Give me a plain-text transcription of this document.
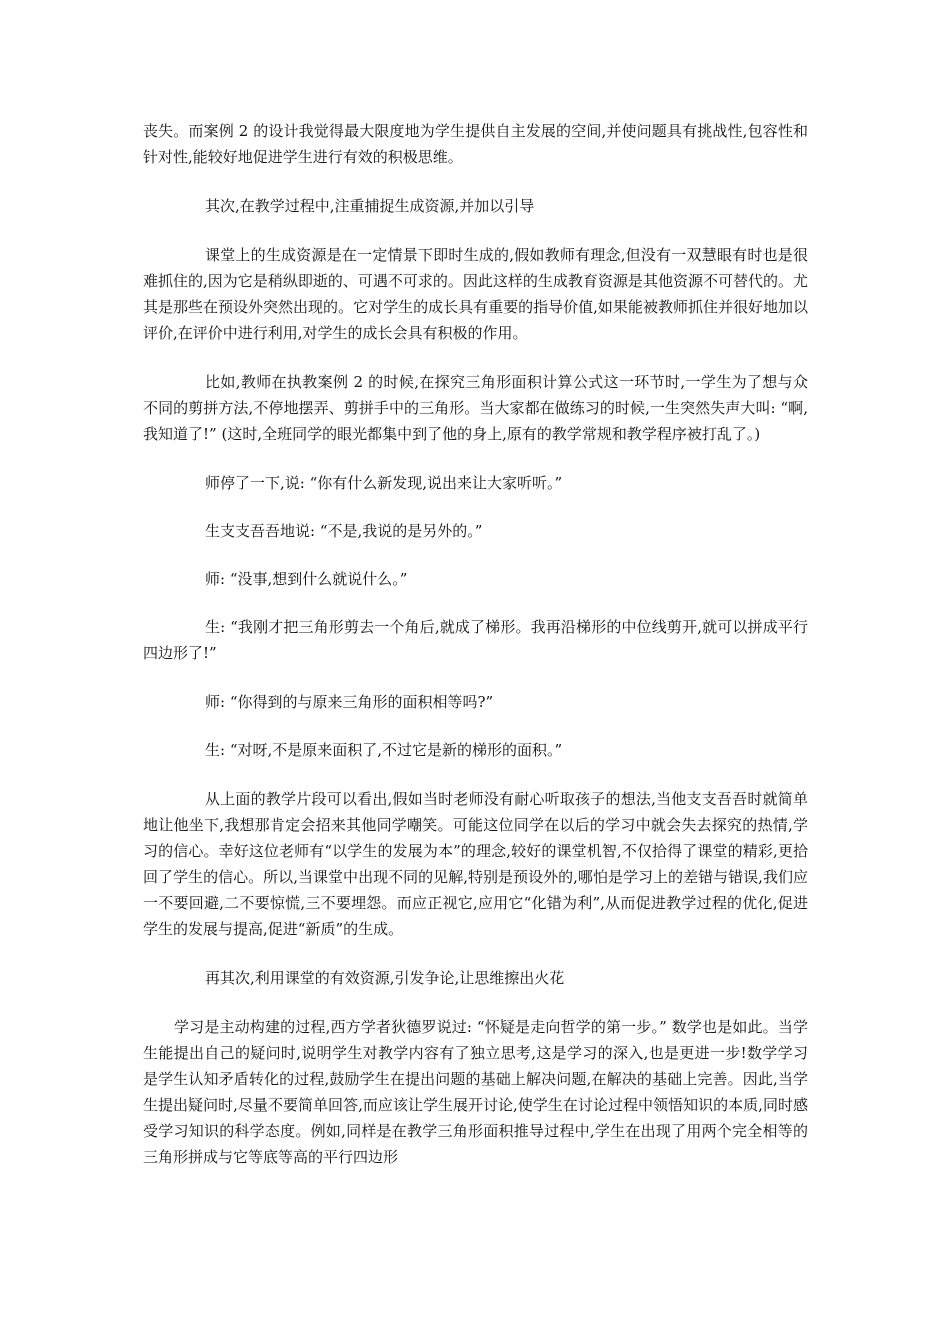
丧失。而案例 2 的设计我觉得最大限度地为学生提供自主发展的空间,并使问题具有挑战性,包容性和针对性,能较好地促进学生进行有效的积极思维。

其次,在教学过程中,注重捕捉生成资源,并加以引导

课堂上的生成资源是在一定情景下即时生成的,假如教师有理念,但没有一双慧眼有时也是很难抓住的,因为它是稍纵即逝的、可遇不可求的。因此这样的生成教育资源是其他资源不可替代的。尤其是那些在预设外突然出现的。它对学生的成长具有重要的指导价值,如果能被教师抓住并很好地加以评价,在评价中进行利用,对学生的成长会具有积极的作用。

比如,教师在执教案例 2 的时候,在探究三角形面积计算公式这一环节时,一学生为了想与众不同的剪拼方法,不停地摆弄、剪拼手中的三角形。当大家都在做练习的时候,一生突然失声大叫: “啊,我知道了!” (这时,全班同学的眼光都集中到了他的身上,原有的教学常规和教学程序被打乱了。)

师停了一下,说: “你有什么新发现,说出来让大家听听。”

生支支吾吾地说: “不是,我说的是另外的。”

师: “没事,想到什么就说什么。”

生: “我刚才把三角形剪去一个角后,就成了梯形。我再沿梯形的中位线剪开,就可以拼成平行四边形了!”

师: “你得到的与原来三角形的面积相等吗?”

生: “对呀,不是原来面积了,不过它是新的梯形的面积。”

从上面的教学片段可以看出,假如当时老师没有耐心听取孩子的想法,当他支支吾吾时就简单地让他坐下,我想那肯定会招来其他同学嘲笑。可能这位同学在以后的学习中就会失去探究的热情,学习的信心。幸好这位老师有“以学生的发展为本”的理念,较好的课堂机智,不仅拾得了课堂的精彩,更拾回了学生的信心。所以,当课堂中出现不同的见解,特别是预设外的,哪怕是学习上的差错与错误,我们应一不要回避,二不要惊慌,三不要埋怨。而应正视它,应用它“化错为利”,从而促进教学过程的优化,促进学生的发展与提高,促进“新质”的生成。

再其次,利用课堂的有效资源,引发争论,让思维擦出火花

学习是主动构建的过程,西方学者狄德罗说过: “怀疑是走向哲学的第一步。” 数学也是如此。当学生能提出自己的疑问时,说明学生对教学内容有了独立思考,这是学习的深入,也是更进一步!数学学习是学生认知矛盾转化的过程,鼓励学生在提出问题的基础上解决问题,在解决的基础上完善。因此,当学生提出疑问时,尽量不要简单回答,而应该让学生展开讨论,使学生在讨论过程中领悟知识的本质,同时感受学习知识的科学态度。例如,同样是在教学三角形面积推导过程中,学生在出现了用两个完全相等的三角形拼成与它等底等高的平行四边形
